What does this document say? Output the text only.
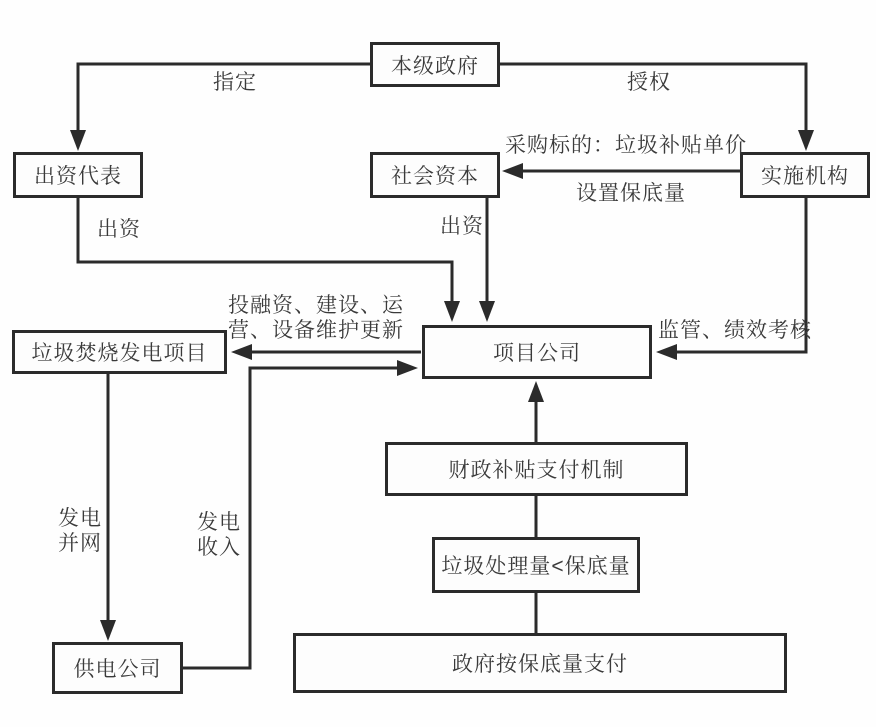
本级政府
出资代表	社会资本	实施机构
垃圾焚烧发电项目	项目公司
财政补贴支付机制
垃圾处理量<保底量
政府按保底量支付
供电公司
指定	授权
采购标的：垃圾补贴单价
设置保底量
出资	出资
投融资、建设、运
营、设备维护更新	监管、绩效考核
发电
并网
发电
收入
